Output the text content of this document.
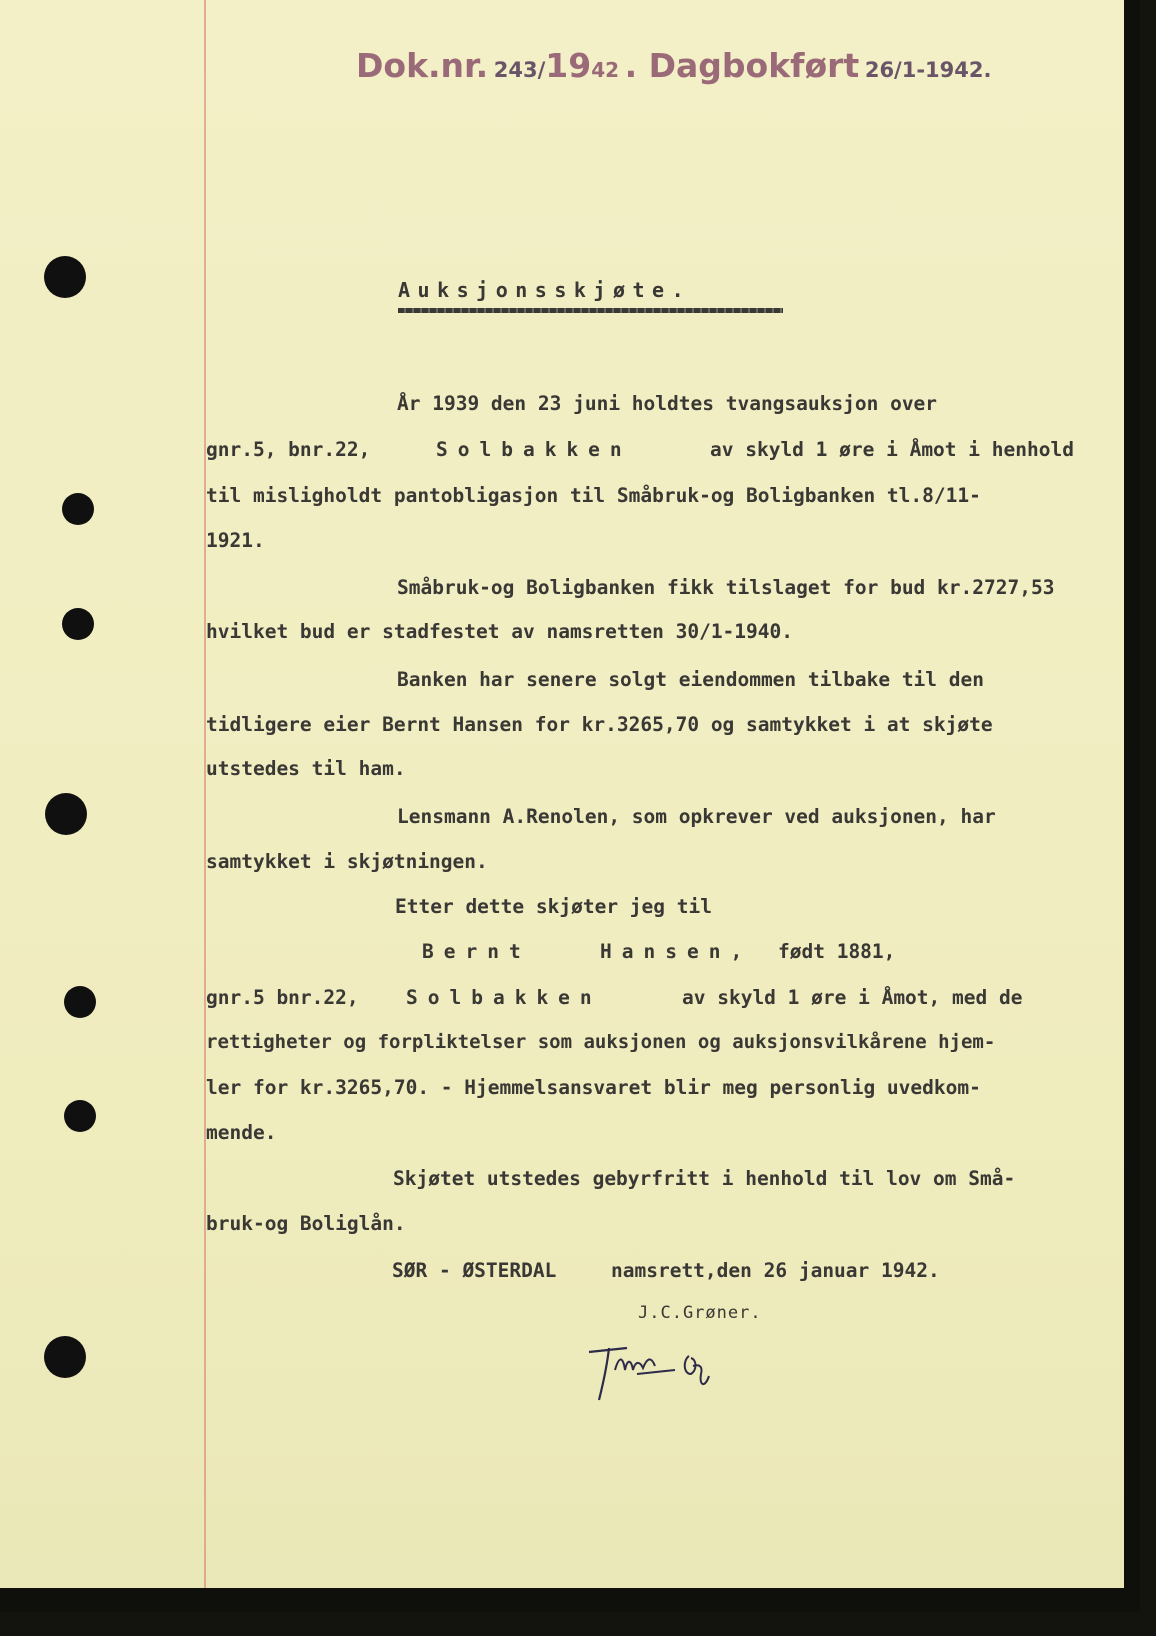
Dok.nr. 243/1942 . Dagbokført 26/1-1942.
Auksjonsskjøte.
År 1939 den 23 juni holdtes tvangsauksjon over
gnr.5, bnr.22,	Solbakken	av skyld 1 øre i Åmot i henhold
til misligholdt pantobligasjon til Småbruk-og Boligbanken tl.8/11-
1921.
Småbruk-og Boligbanken fikk tilslaget for bud kr.2727,53
hvilket bud er stadfestet av namsretten 30/1-1940.
Banken har senere solgt eiendommen tilbake til den
tidligere eier Bernt Hansen for kr.3265,70 og samtykket i at skjøte
utstedes til ham.
Lensmann A.Renolen, som opkrever ved auksjonen, har
samtykket i skjøtningen.
Etter dette skjøter jeg til
Bernt	Hansen, født 1881,
gnr.5 bnr.22, Solbakken	av skyld 1 øre i Åmot, med de
rettigheter og forpliktelser som auksjonen og auksjonsvilkårene hjem-
ler for kr.3265,70. - Hjemmelsansvaret blir meg personlig uvedkom-
mende.
Skjøtet utstedes gebyrfritt i henhold til lov om Små-
bruk-og Boliglån.
SØR - ØSTERDAL	namsrett,den 26 januar 1942.
J.C.Grøner.
